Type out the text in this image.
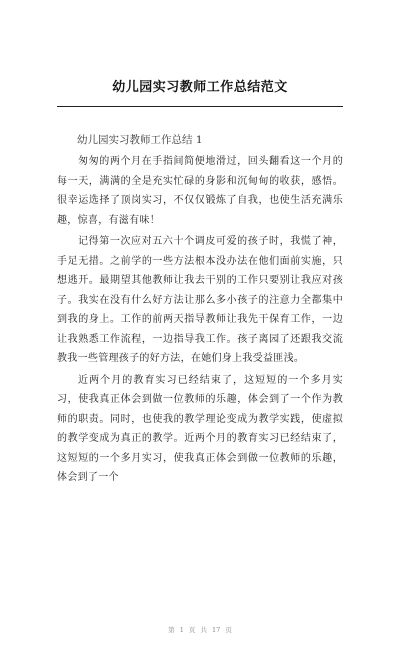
幼儿园实习教师工作总结范文
幼儿园实习教师工作总结 1

匆匆的两个月在手指间简便地滑过，回头翻看这一个月的每一天，满满的全是充实忙碌的身影和沉甸甸的收获，感悟。很幸运选择了顶岗实习，不仅仅锻炼了自我，也使生活充满乐趣，惊喜，有滋有味！

记得第一次应对五六十个调皮可爱的孩子时，我慌了神，手足无措。之前学的一些方法根本没办法在他们面前实施，只想逃开。最期望其他教师让我去干别的工作只要别让我应对孩子。我实在没有什么好方法让那么多小孩子的注意力全都集中到我的身上。工作的前两天指导教师让我先干保育工作，一边让我熟悉工作流程，一边指导我工作。孩子离园了还跟我交流教我一些管理孩子的好方法，在她们身上我受益匪浅。

近两个月的教育实习已经结束了，这短短的一个多月实习，使我真正体会到做一位教师的乐趣，体会到了一个作为教师的职责。同时，也使我的教学理论变成为教学实践，使虚拟的教学变成为真正的教学。近两个月的教育实习已经结束了，这短短的一个多月实习，使我真正体会到做一位教师的乐趣，体会到了一个

第 1 页 共 17 页
